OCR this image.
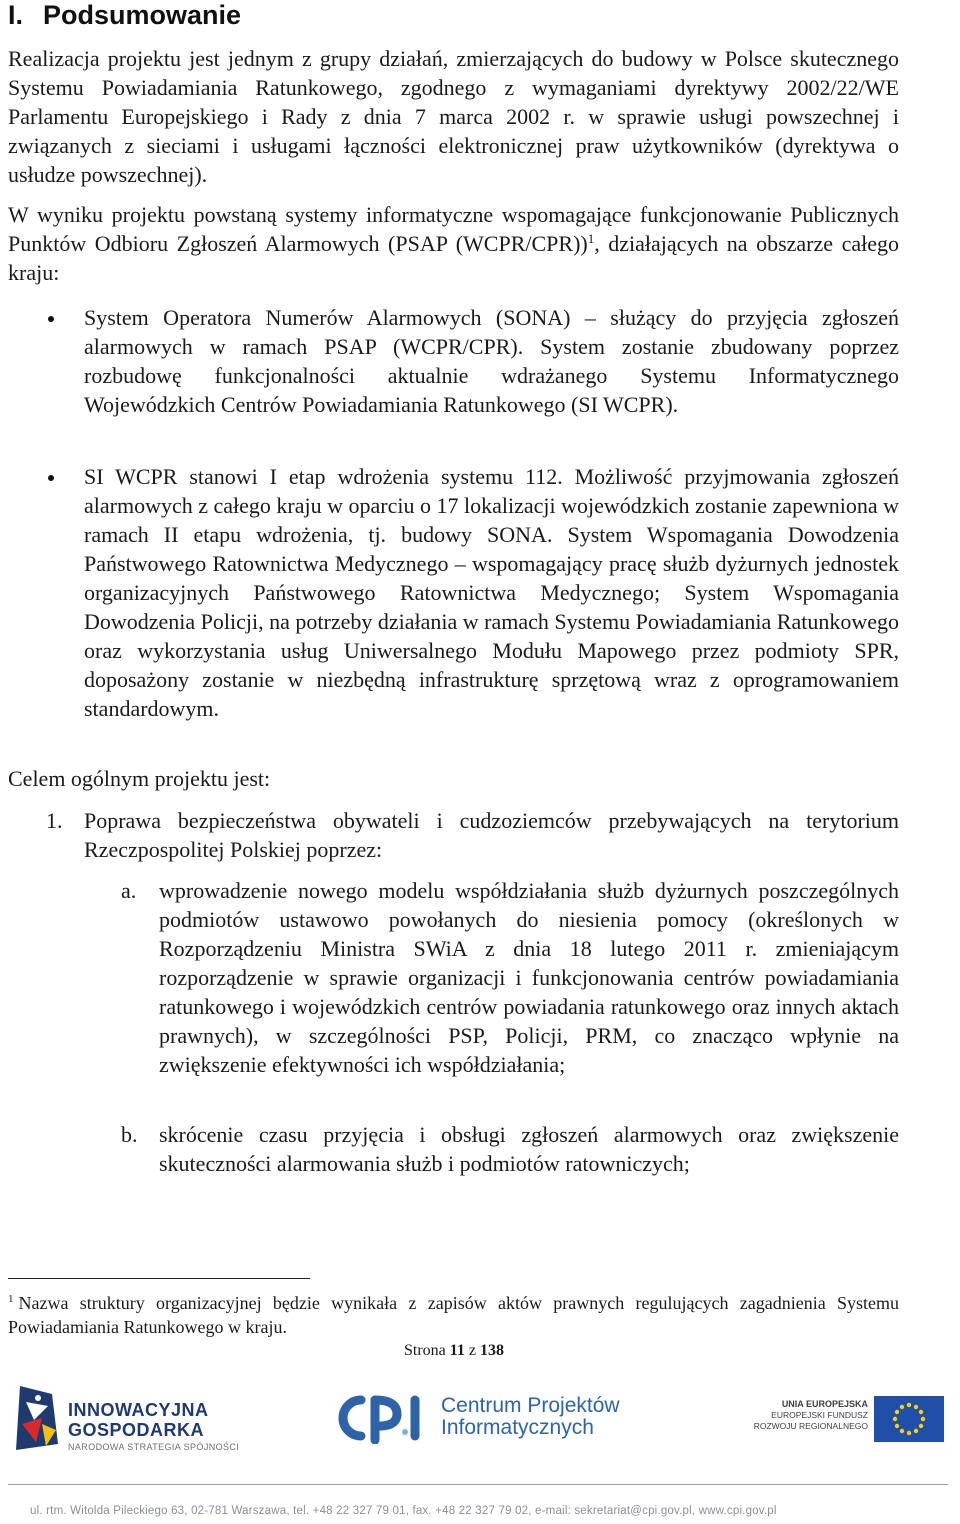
I. Podsumowanie
Realizacja projektu jest jednym z grupy działań, zmierzających do budowy w Polsce skutecznego Systemu Powiadamiania Ratunkowego, zgodnego z wymaganiami dyrektywy 2002/22/WE Parlamentu Europejskiego i Rady z dnia 7 marca 2002 r. w sprawie usługi powszechnej i związanych z sieciami i usługami łączności elektronicznej praw użytkowników (dyrektywa o usłudze powszechnej).
W wyniku projektu powstaną systemy informatyczne wspomagające funkcjonowanie Publicznych Punktów Odbioru Zgłoszeń Alarmowych (PSAP (WCPR/CPR))$^1$, działających na obszarze całego kraju:
System Operatora Numerów Alarmowych (SONA) – służący do przyjęcia zgłoszeń alarmowych w ramach PSAP (WCPR/CPR). System zostanie zbudowany poprzez rozbudowę funkcjonalności aktualnie wdrażanego Systemu Informatycznego Wojewódzkich Centrów Powiadamiania Ratunkowego (SI WCPR).
SI WCPR stanowi I etap wdrożenia systemu 112. Możliwość przyjmowania zgłoszeń alarmowych z całego kraju w oparciu o 17 lokalizacji wojewódzkich zostanie zapewniona w ramach II etapu wdrożenia, tj. budowy SONA. System Wspomagania Dowodzenia Państwowego Ratownictwa Medycznego – wspomagający pracę służb dyżurnych jednostek organizacyjnych Państwowego Ratownictwa Medycznego; System Wspomagania Dowodzenia Policji, na potrzeby działania w ramach Systemu Powiadamiania Ratunkowego oraz wykorzystania usług Uniwersalnego Modułu Mapowego przez podmioty SPR, doposażony zostanie w niezbędną infrastrukturę sprzętową wraz z oprogramowaniem standardowym.
Celem ogólnym projektu jest:
1. Poprawa bezpieczeństwa obywateli i cudzoziemców przebywających na terytorium Rzeczpospolitej Polskiej poprzez:
a. wprowadzenie nowego modelu współdziałania służb dyżurnych poszczególnych podmiotów ustawowo powołanych do niesienia pomocy (określonych w Rozporządzeniu Ministra SWiA z dnia 18 lutego 2011 r. zmieniającym rozporządzenie w sprawie organizacji i funkcjonowania centrów powiadamiania ratunkowego i wojewódzkich centrów powiadania ratunkowego oraz innych aktach prawnych), w szczególności PSP, Policji, PRM, co znacząco wpłynie na zwiększenie efektywności ich współdziałania;
b. skrócenie czasu przyjęcia i obsługi zgłoszeń alarmowych oraz zwiększenie skuteczności alarmowania służb i podmiotów ratowniczych;
$^1$ Nazwa struktury organizacyjnej będzie wynikała z zapisów aktów prawnych regulujących zagadnienia Systemu Powiadamiania Ratunkowego w kraju.
Strona 11 z 138
INNOWACYJNA
GOSPODARKA
NARODOWA STRATEGIA SPÓJNOŚCI
Centrum Projektów
Informatycznych
UNIA EUROPEJSKA
EUROPEJSKI FUNDUSZ
ROZWOJU REGIONALNEGO
ul. rtm. Witolda Pileckiego 63, 02-781 Warszawa, tel. +48 22 327 79 01, fax. +48 22 327 79 02, e-mail: sekretariat@cpi.gov.pl, www.cpi.gov.pl
